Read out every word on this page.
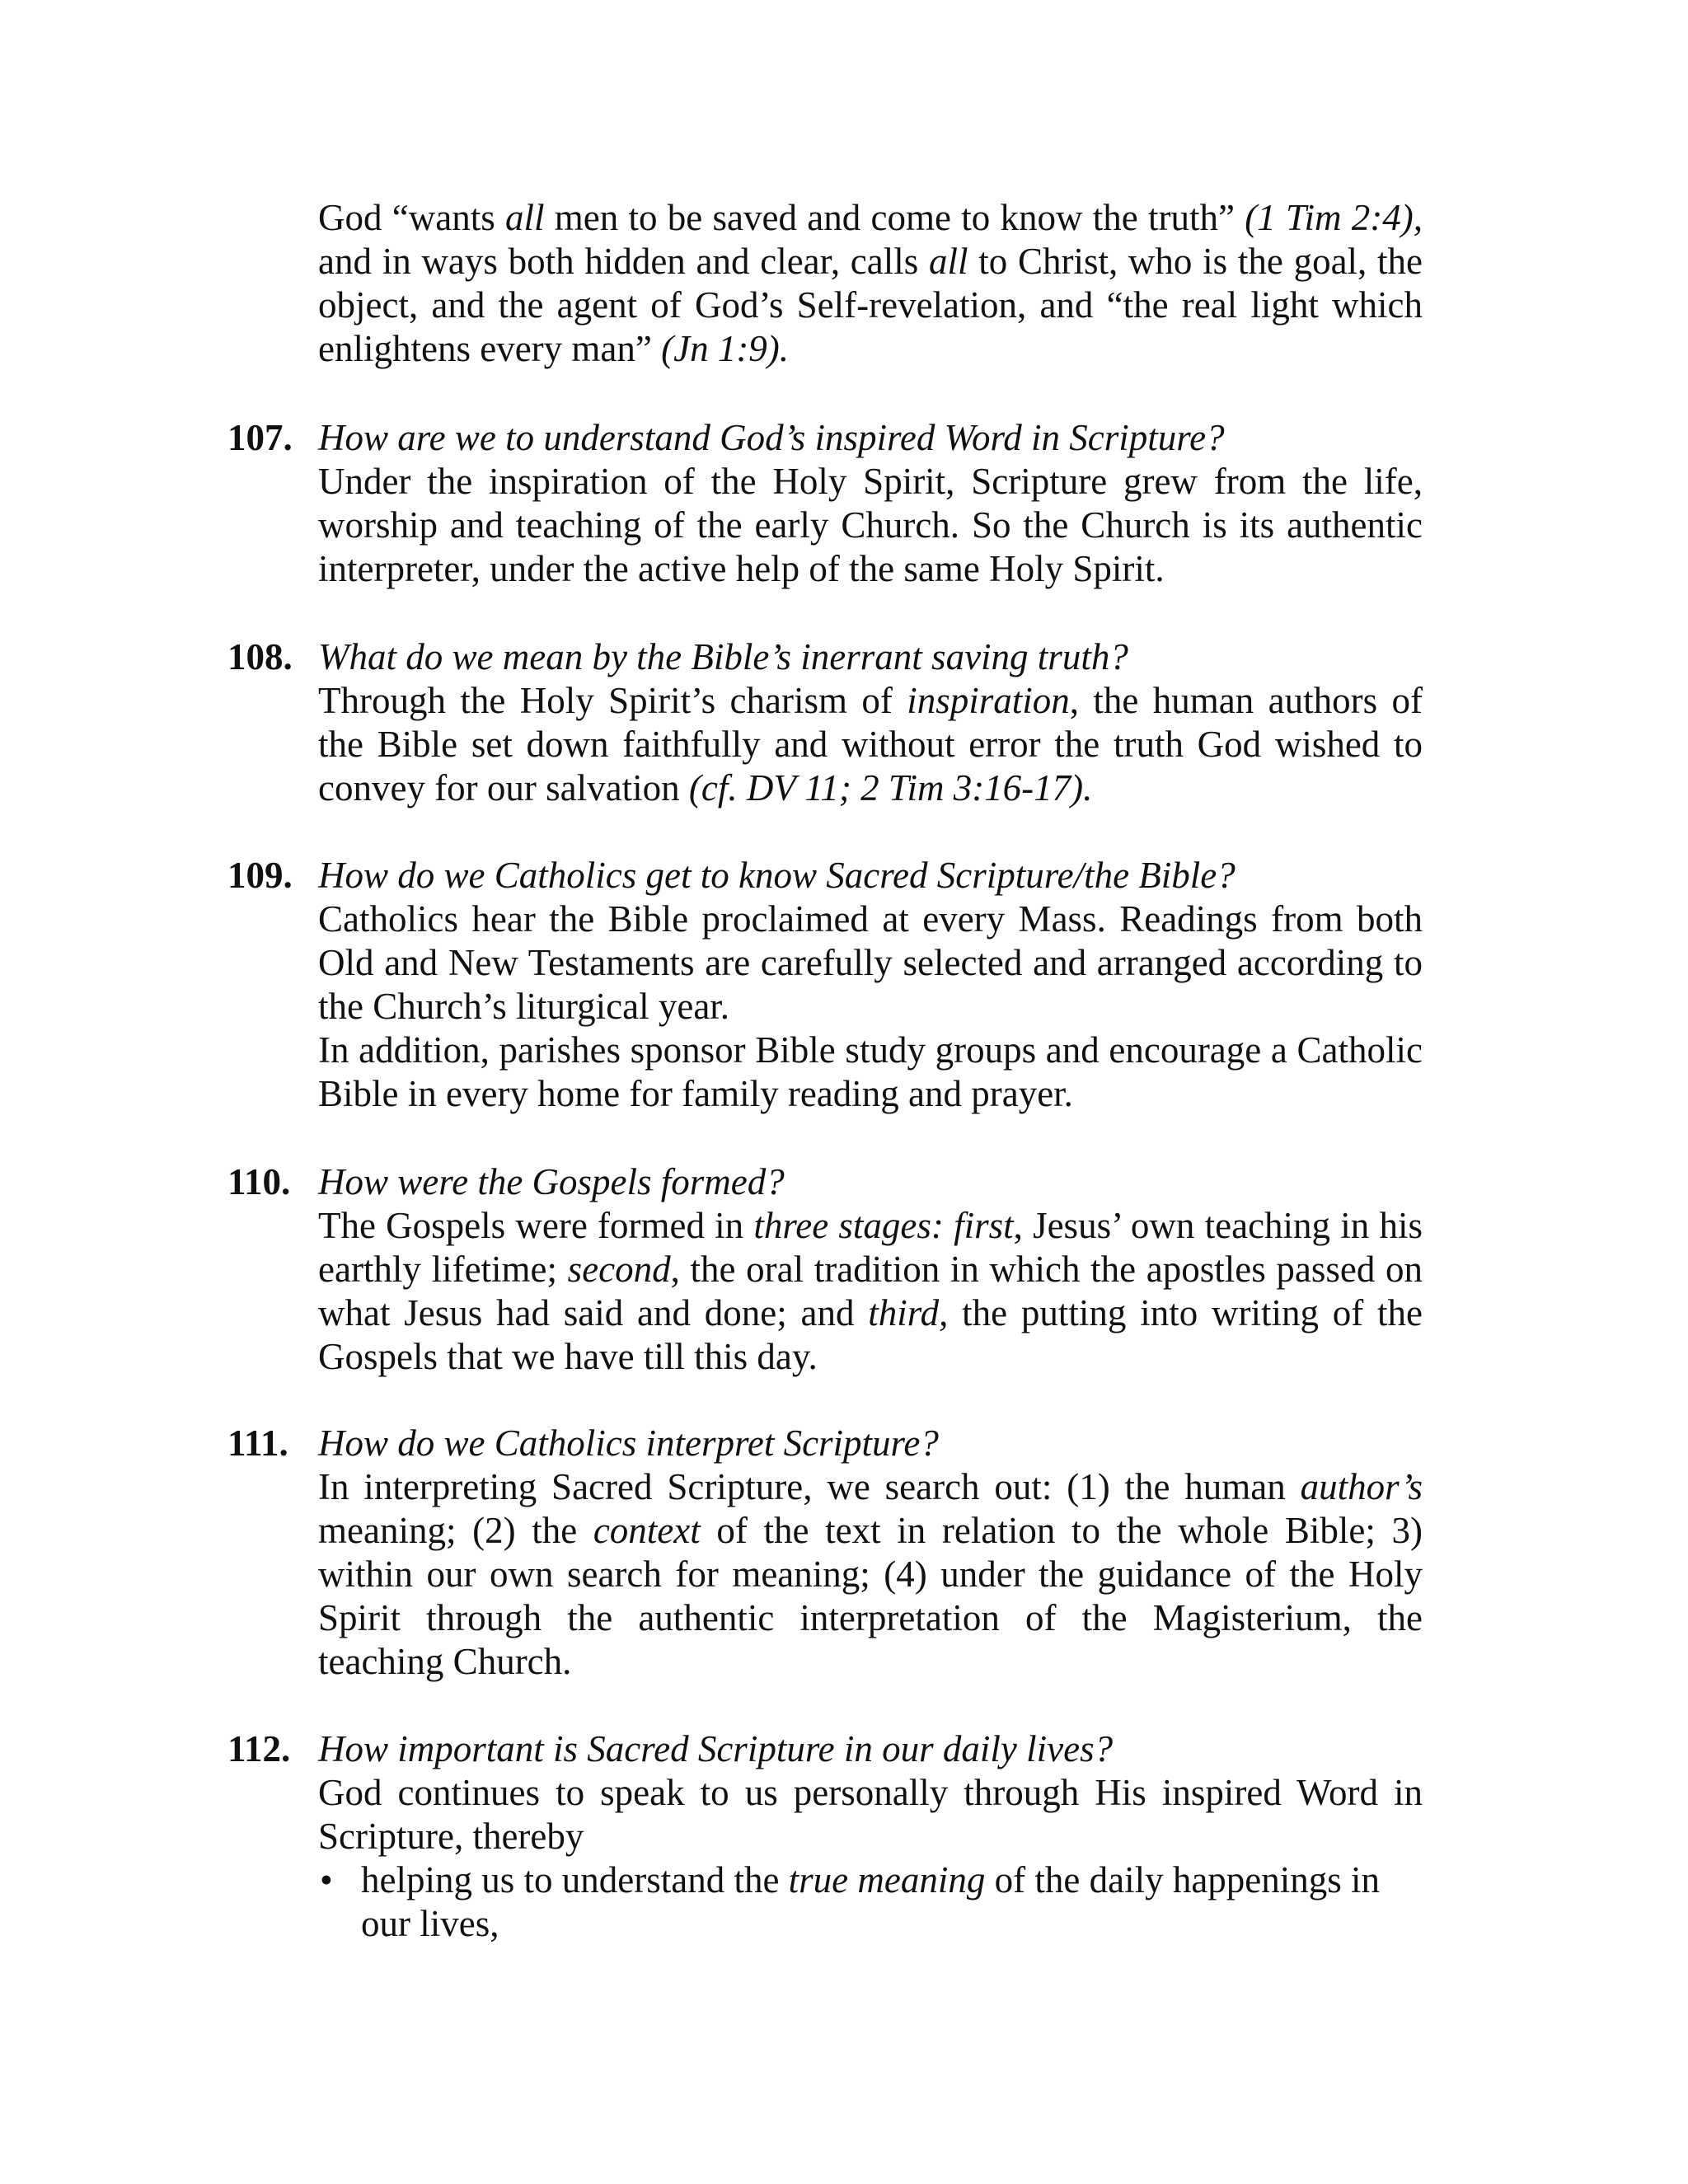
God “wants all men to be saved and come to know the truth” (1 Tim 2:4), and in ways both hidden and clear, calls all to Christ, who is the goal, the object, and the agent of God’s Self-revelation, and “the real light which enlightens every man” (Jn 1:9).
107. How are we to understand God’s inspired Word in Scripture?
Under the inspiration of the Holy Spirit, Scripture grew from the life, worship and teaching of the early Church. So the Church is its authentic interpreter, under the active help of the same Holy Spirit.
108. What do we mean by the Bible’s inerrant saving truth?
Through the Holy Spirit’s charism of inspiration, the human authors of the Bible set down faithfully and without error the truth God wished to convey for our salvation (cf. DV 11; 2 Tim 3:16-17).
109. How do we Catholics get to know Sacred Scripture/the Bible?

Catholics hear the Bible proclaimed at every Mass. Readings from both Old and New Testaments are carefully selected and arranged according to the Church’s liturgical year.

In addition, parishes sponsor Bible study groups and encourage a Catholic Bible in every home for family reading and prayer.

110. How were the Gospels formed?
The Gospels were formed in three stages: first, Jesus’ own teaching in his earthly lifetime; second, the oral tradition in which the apostles passed on what Jesus had said and done; and third, the putting into writing of the Gospels that we have till this day.
111. How do we Catholics interpret Scripture?
In interpreting Sacred Scripture, we search out: (1) the human author’s meaning; (2) the context of the text in relation to the whole Bible; 3) within our own search for meaning; (4) under the guidance of the Holy Spirit through the authentic interpretation of the Magisterium, the teaching Church.
112. How important is Sacred Scripture in our daily lives?
God continues to speak to us personally through His inspired Word in Scripture, thereby
• helping us to understand the true meaning of the daily happenings in our lives,
